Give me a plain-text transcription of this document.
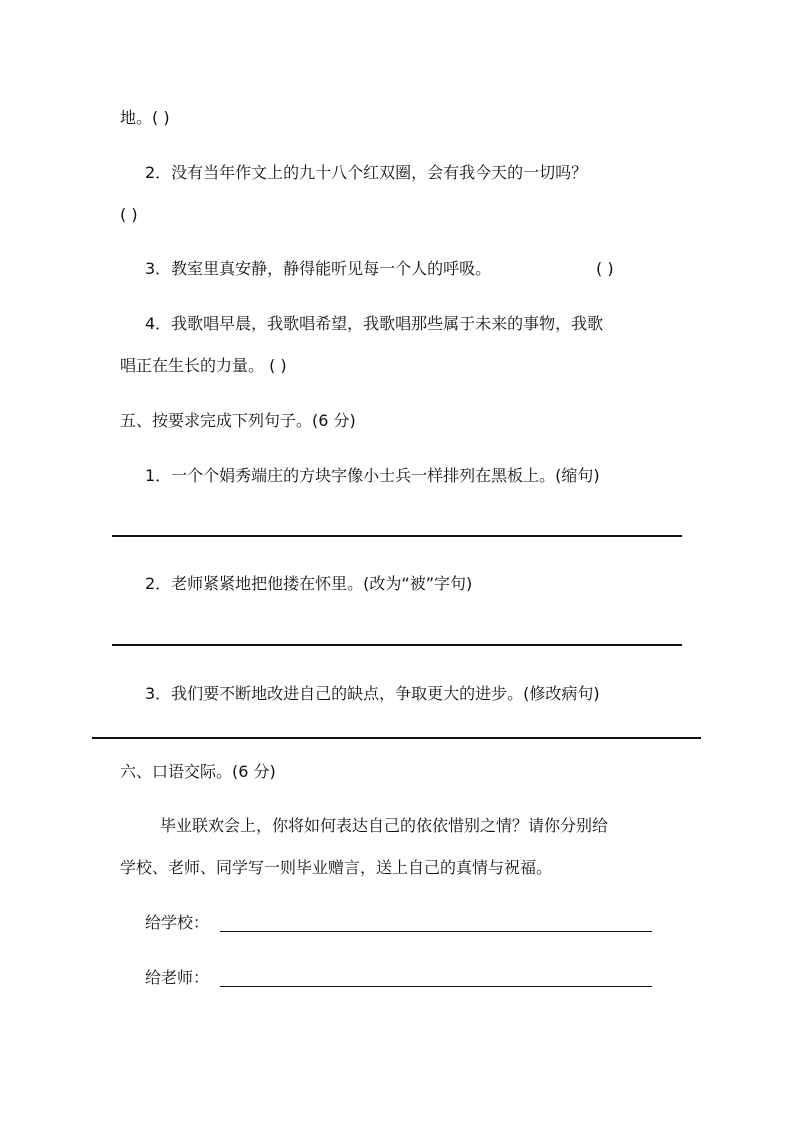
地。( )
2．没有当年作文上的九十八个红双圈，会有我今天的一切吗？
( )
3．教室里真安静，静得能听见每一个人的呼吸。	( )
4．我歌唱早晨，我歌唱希望，我歌唱那些属于未来的事物，我歌
唱正在生长的力量。 ( )
五、按要求完成下列句子。(6 分)
1．一个个娟秀端庄的方块字像小士兵一样排列在黑板上。(缩句)
2．老师紧紧地把他搂在怀里。(改为“被”字句)
3．我们要不断地改进自己的缺点，争取更大的进步。(修改病句)
六、口语交际。(6 分)
毕业联欢会上，你将如何表达自己的依依惜别之情？请你分别给
学校、老师、同学写一则毕业赠言，送上自己的真情与祝福。
给学校：
给老师：
